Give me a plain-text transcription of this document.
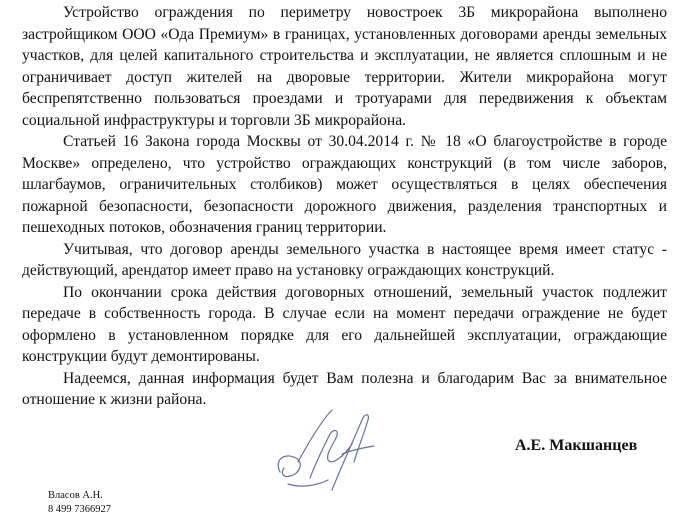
Устройство ограждения по периметру новостроек 3Б микрорайона выполнено застройщиком ООО «Ода Премиум» в границах, установленных договорами аренды земельных участков, для целей капитального строительства и эксплуатации, не является сплошным и не ограничивает доступ жителей на дворовые территории. Жители микрорайона могут беспрепятственно пользоваться проездами и тротуарами для передвижения к объектам социальной инфраструктуры и торговли 3Б микрорайона.

Статьей 16 Закона города Москвы от 30.04.2014 г. № 18 «О благоустройстве в городе Москве» определено, что устройство ограждающих конструкций (в том числе заборов, шлагбаумов, ограничительных столбиков) может осуществляться в целях обеспечения пожарной безопасности, безопасности дорожного движения, разделения транспортных и пешеходных потоков, обозначения границ территории.

Учитывая, что договор аренды земельного участка в настоящее время имеет статус - действующий, арендатор имеет право на установку ограждающих конструкций.

По окончании срока действия договорных отношений, земельный участок подлежит передаче в собственность города. В случае если на момент передачи ограждение не будет оформлено в установленном порядке для его дальнейшей эксплуатации, ограждающие конструкции будут демонтированы.

Надеемся, данная информация будет Вам полезна и благодарим Вас за внимательное отношение к жизни района.

А.Е. Макшанцев
Власов А.Н.
8 499 7366927
